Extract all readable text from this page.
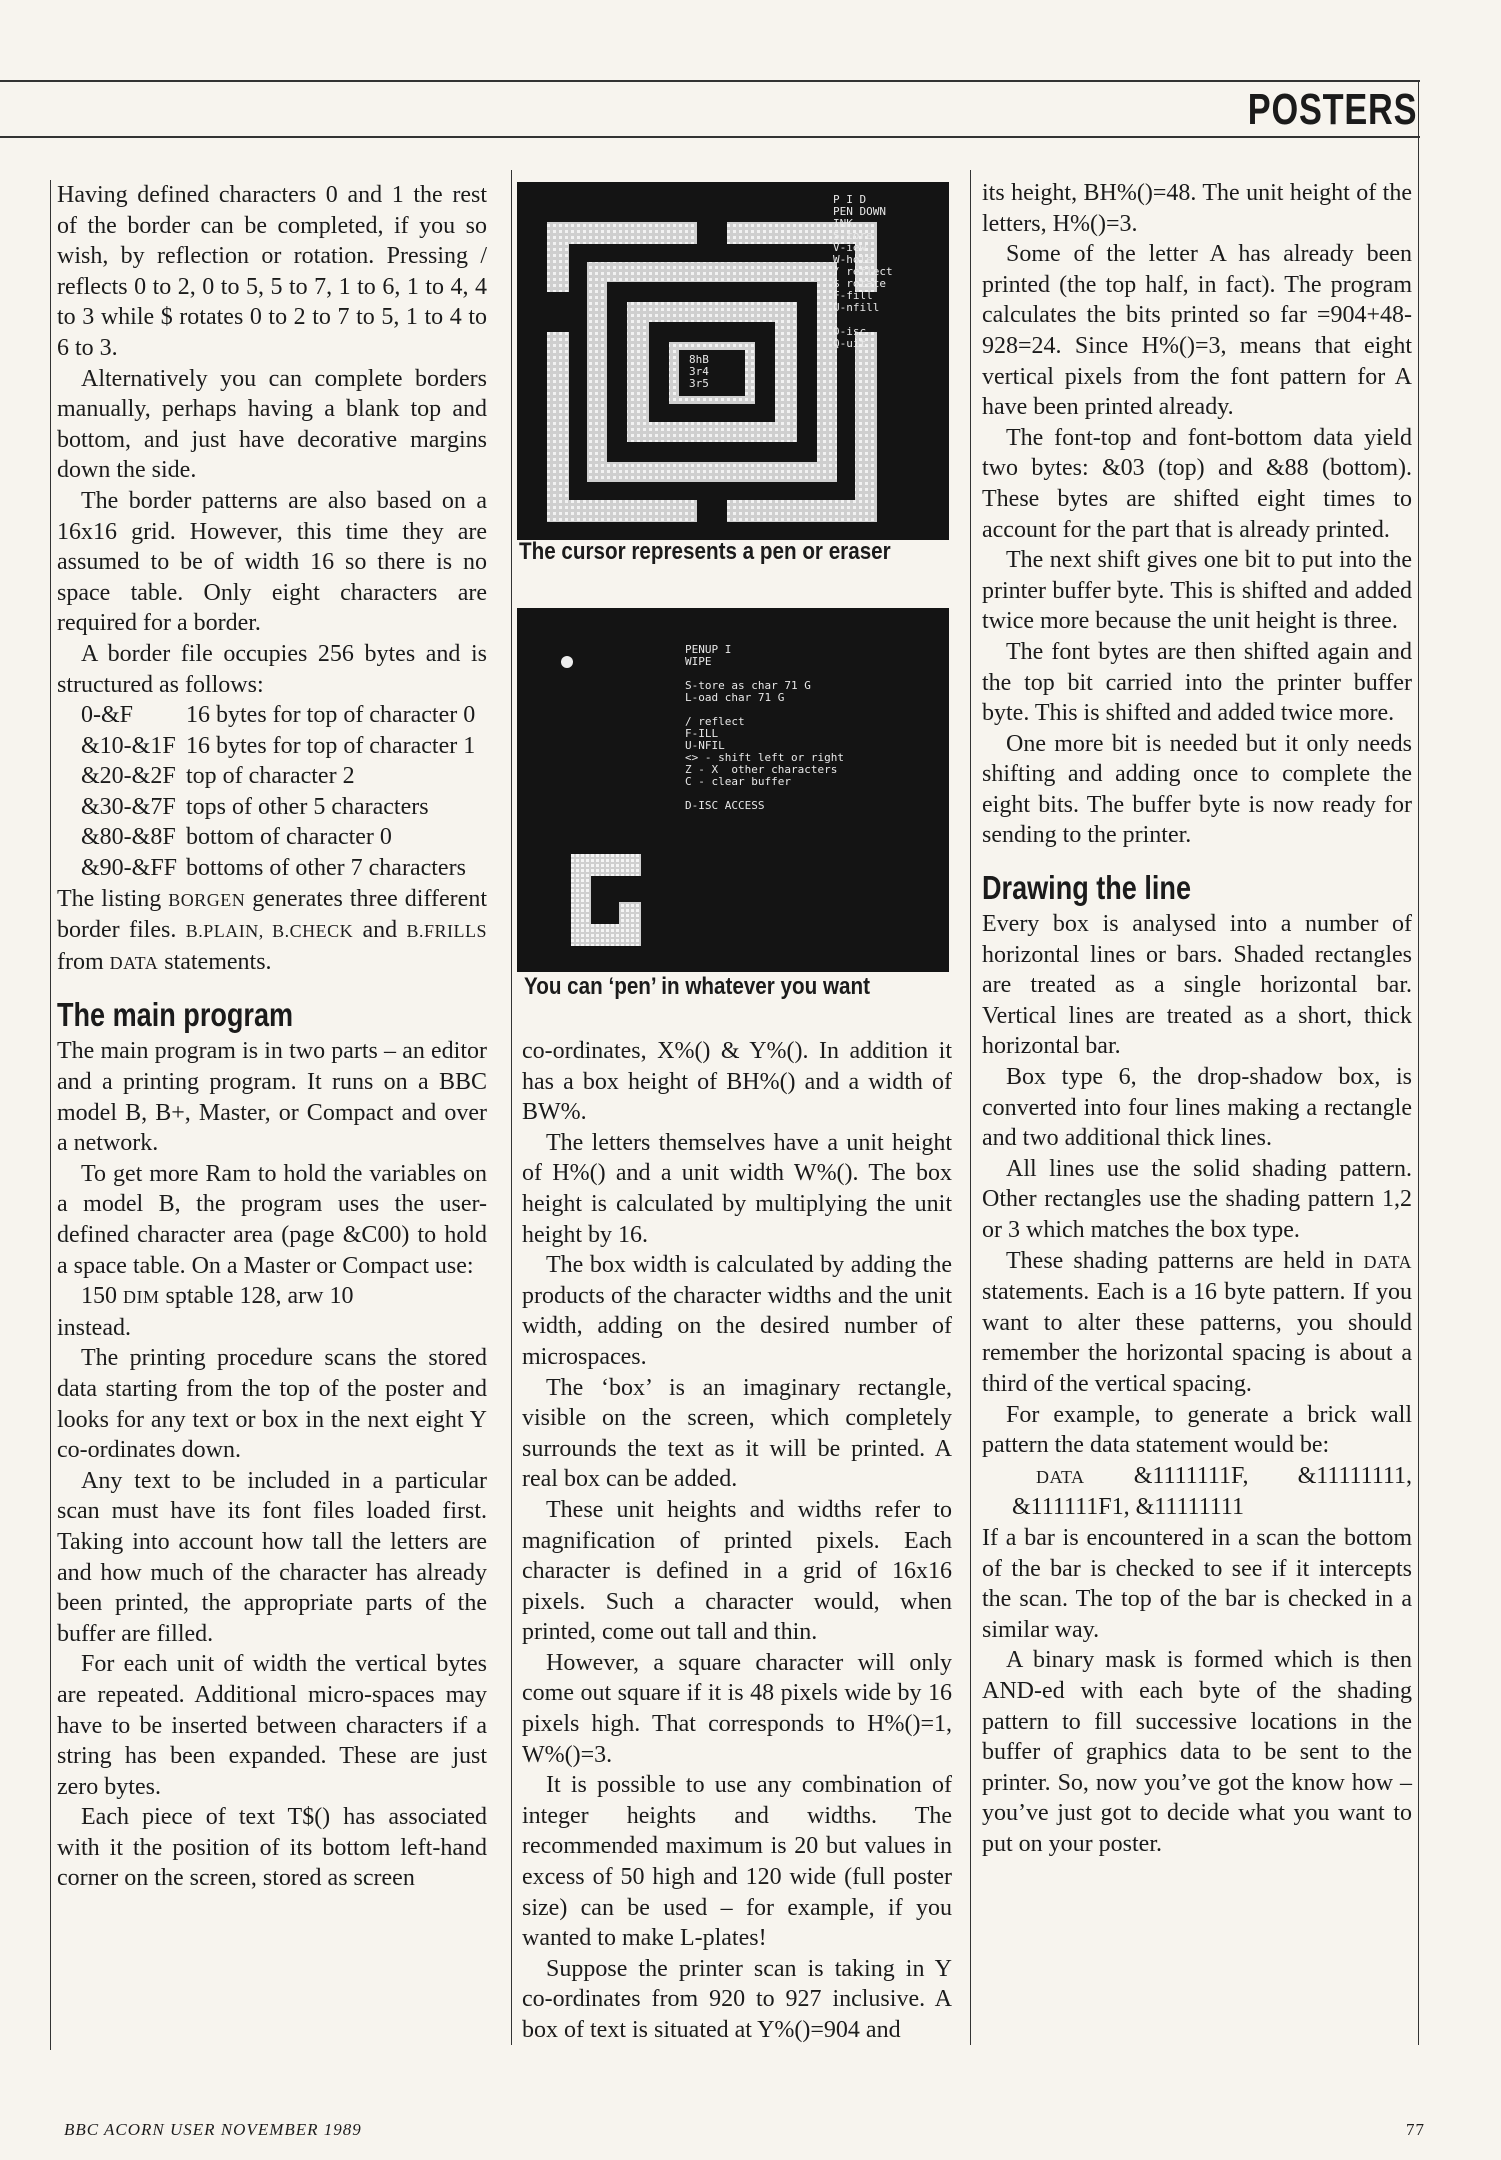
POSTERS

Having defined characters 0 and 1 the rest of the border can be completed, if you so wish, by reflection or rotation. Pressing / reflects 0 to 2, 0 to 5, 5 to 7, 1 to 6, 1 to 4, 4 to 3 while $ rotates 0 to 2 to 7 to 5, 1 to 4 to 6 to 3.

Alternatively you can complete borders manually, perhaps having a blank top and bottom, and just have decorative margins down the side.

The border patterns are also based on a 16x16 grid. However, this time they are assumed to be of width 16 so there is no space table. Only eight characters are required for a border.

A border file occupies 256 bytes and is structured as follows:

0-&F	16 bytes for top of character 0
&10-&1F 16 bytes for top of character 1
&20-&2F top of character 2
&30-&7F tops of other 5 characters
&80-&8F bottom of character 0
&90-&FF bottoms of other 7 characters

The listing BORGEN generates three different border files. B.PLAIN, B.CHECK and B.FRILLS from DATA statements.

The main program

The main program is in two parts – an editor and a printing program. It runs on a BBC model B, B+, Master, or Compact and over a network.

To get more Ram to hold the variables on a model B, the program uses the user-defined character area (page &C00) to hold a space table. On a Master or Compact use:

150 DIM sptable 128, arw 10

instead.

The printing procedure scans the stored data starting from the top of the poster and looks for any text or box in the next eight Y co-ordinates down.

Any text to be included in a particular scan must have its font files loaded first. Taking into account how tall the letters are and how much of the character has already been printed, the appropriate parts of the buffer are filled.

For each unit of width the vertical bytes are repeated. Additional micro-spaces may have to be inserted between characters if a string has been expanded. These are just zero bytes.

Each piece of text T$() has associated with it the position of its bottom left-hand corner on the screen, stored as screen

P I D
PEN DOWN
INK
S-tore
V-iew
W-hole
/ reflect
$ rotate
F-fill
U-nfill

D-isc
Q-uit
8hB
3r4
3r5
The cursor represents a pen or eraser
PENUP I
WIPE

S-tore as char 71 G
L-oad char 71 G

/ reflect
F-ILL
U-NFIL
<> - shift left or right
Z - X  other characters
C - clear buffer

D-ISC ACCESS
You can ‘pen’ in whatever you want

co-ordinates, X%() & Y%(). In addition it has a box height of BH%() and a width of BW%.

The letters themselves have a unit height of H%() and a unit width W%(). The box height is calculated by multiplying the unit height by 16.

The box width is calculated by adding the products of the character widths and the unit width, adding on the desired number of microspaces.

The ‘box’ is an imaginary rectangle, visible on the screen, which completely surrounds the text as it will be printed. A real box can be added.

These unit heights and widths refer to magnification of printed pixels. Each character is defined in a grid of 16x16 pixels. Such a character would, when printed, come out tall and thin.

However, a square character will only come out square if it is 48 pixels wide by 16 pixels high. That corresponds to H%()=1, W%()=3.

It is possible to use any combination of integer heights and widths. The recommended maximum is 20 but values in excess of 50 high and 120 wide (full poster size) can be used – for example, if you wanted to make L-plates!

Suppose the printer scan is taking in Y co-ordinates from 920 to 927 inclusive. A box of text is situated at Y%()=904 and

its height, BH%()=48. The unit height of the letters, H%()=3.

Some of the letter A has already been printed (the top half, in fact). The program calculates the bits printed so far =904+48-928=24. Since H%()=3, means that eight vertical pixels from the font pattern for A have been printed already.

The font-top and font-bottom data yield two bytes: &03 (top) and &88 (bottom). These bytes are shifted eight times to account for the part that is already printed.

The next shift gives one bit to put into the printer buffer byte. This is shifted and added twice more because the unit height is three.

The font bytes are then shifted again and the top bit carried into the printer buffer byte. This is shifted and added twice more.

One more bit is needed but it only needs shifting and adding once to complete the eight bits. The buffer byte is now ready for sending to the printer.

Drawing the line

Every box is analysed into a number of horizontal lines or bars. Shaded rectangles are treated as a single horizontal bar. Vertical lines are treated as a short, thick horizontal bar.

Box type 6, the drop-shadow box, is converted into four lines making a rectangle and two additional thick lines.

All lines use the solid shading pattern. Other rectangles use the shading pattern 1,2 or 3 which matches the box type.

These shading patterns are held in DATA statements. Each is a 16 byte pattern. If you want to alter these patterns, you should remember the horizontal spacing is about a third of the vertical spacing.

For example, to generate a brick wall pattern the data statement would be:

DATA &1111111F, &11111111, &111111F1, &11111111

If a bar is encountered in a scan the bottom of the bar is checked to see if it intercepts the scan. The top of the bar is checked in a similar way.

A binary mask is formed which is then AND-ed with each byte of the shading pattern to fill successive locations in the buffer of graphics data to be sent to the printer. So, now you’ve got the know how – you’ve just got to decide what you want to put on your poster.

BBC ACORN USER NOVEMBER 1989	77
